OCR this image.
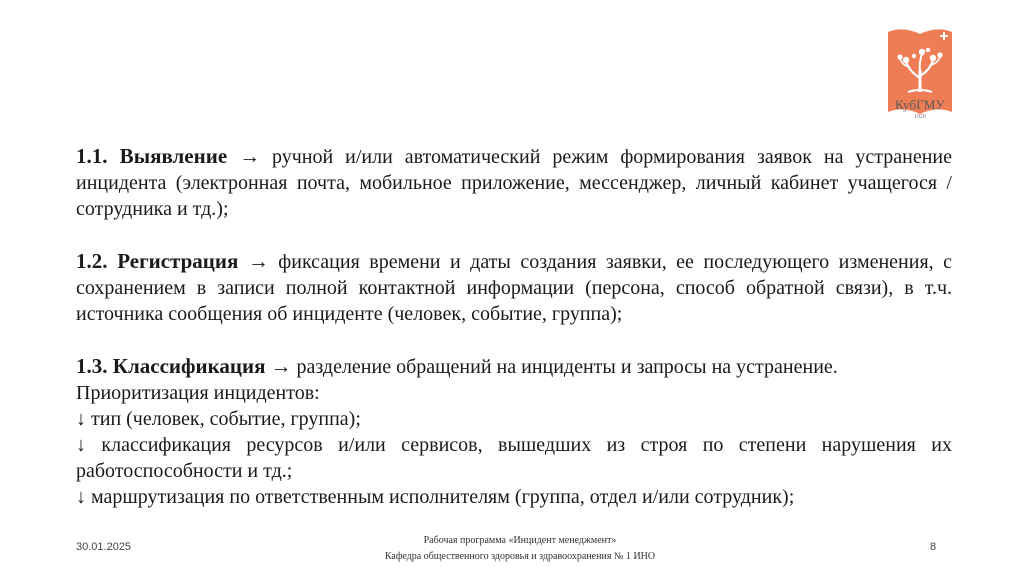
КубГМУ
1920
1.1. Выявление → ручной и/или автоматический режим формирования заявок на устранение инцидента (электронная почта, мобильное приложение, мессенджер, личный кабинет учащегося / сотрудника и тд.);
1.2. Регистрация → фиксация времени и даты создания заявки, ее последующего изменения, с сохранением в записи полной контактной информации (персона, способ обратной связи), в т.ч. источника сообщения об инциденте (человек, событие, группа);
1.3. Классификация → разделение обращений на инциденты и запросы на устранение.
Приоритизация инцидентов:
↓ тип (человек, событие, группа);
↓ классификация ресурсов и/или сервисов, вышедших из строя по степени нарушения их работоспособности и тд.;
↓ маршрутизация по ответственным исполнителям (группа, отдел и/или сотрудник);
30.01.2025
Рабочая программа «Инцидент менеджмент»
Кафедра общественного здоровья и здравоохранения № 1 ИНО
8
